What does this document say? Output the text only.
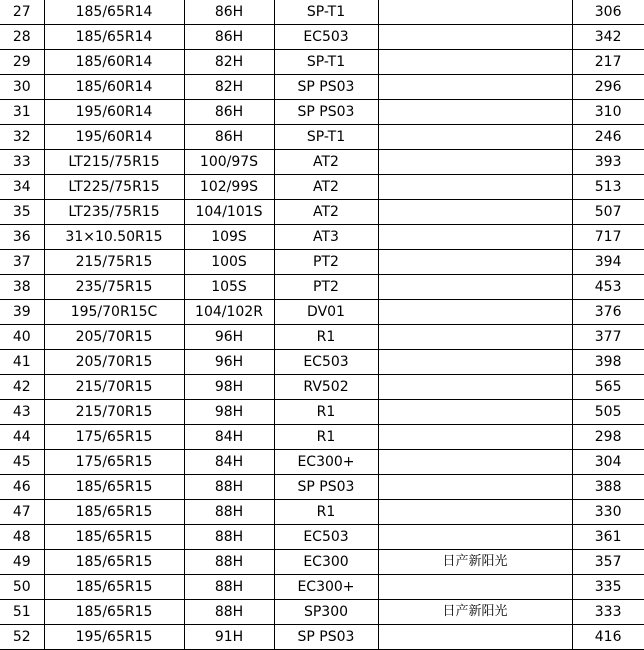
27	185/65R14	86H	SP-T1		306
28	185/65R14	86H	EC503		342
29	185/60R14	82H	SP-T1		217
30	185/60R14	82H	SP PS03		296
31	195/60R14	86H	SP PS03		310
32	195/60R14	86H	SP-T1		246
33	LT215/75R15	100/97S	AT2		393
34	LT225/75R15	102/99S	AT2		513
35	LT235/75R15	104/101S	AT2		507
36	31×10.50R15	109S	AT3		717
37	215/75R15	100S	PT2		394
38	235/75R15	105S	PT2		453
39	195/70R15C	104/102R	DV01		376
40	205/70R15	96H	R1		377
41	205/70R15	96H	EC503		398
42	215/70R15	98H	RV502		565
43	215/70R15	98H	R1		505
44	175/65R15	84H	R1		298
45	175/65R15	84H	EC300+		304
46	185/65R15	88H	SP PS03		388
47	185/65R15	88H	R1		330
48	185/65R15	88H	EC503		361
49	185/65R15	88H	EC300	日产新阳光	357
50	185/65R15	88H	EC300+		335
51	185/65R15	88H	SP300	日产新阳光	333
52	195/65R15	91H	SP PS03		416
